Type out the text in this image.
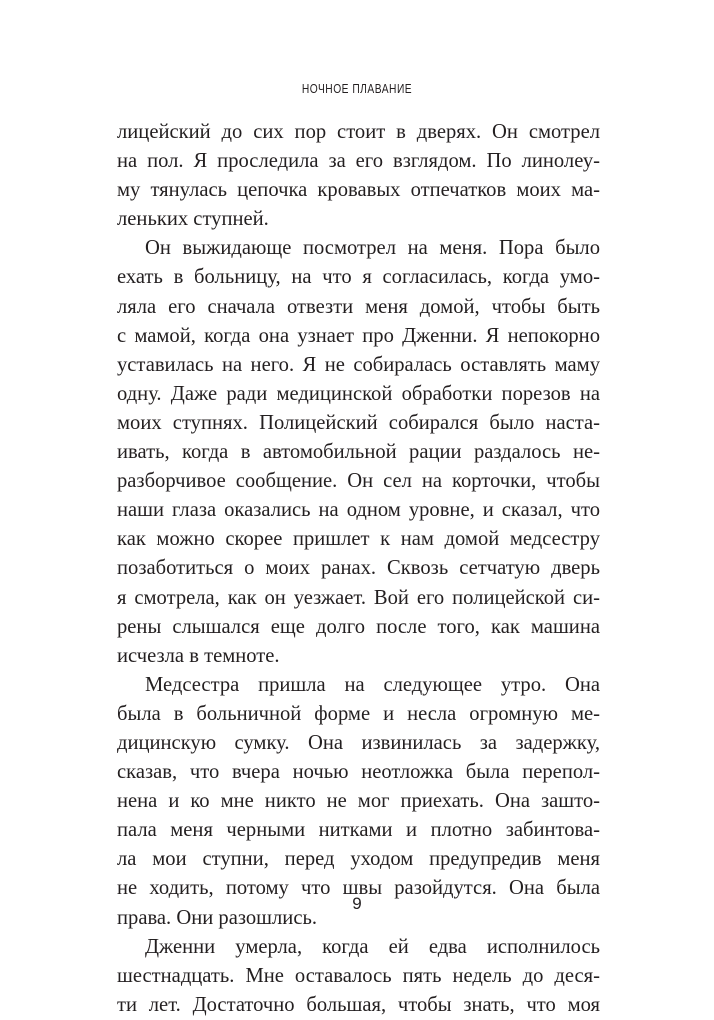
НОЧНОЕ ПЛАВАНИЕ
лицейский до сих пор стоит в дверях. Он смотрел
на пол. Я проследила за его взглядом. По линолеу-
му тянулась цепочка кровавых отпечатков моих ма-
леньких ступней.
Он выжидающе посмотрел на меня. Пора было
ехать в больницу, на что я согласилась, когда умо-
ляла его сначала отвезти меня домой, чтобы быть
с мамой, когда она узнает про Дженни. Я непокорно
уставилась на него. Я не собиралась оставлять маму
одну. Даже ради медицинской обработки порезов на
моих ступнях. Полицейский собирался было наста-
ивать, когда в автомобильной рации раздалось не-
разборчивое сообщение. Он сел на корточки, чтобы
наши глаза оказались на одном уровне, и сказал, что
как можно скорее пришлет к нам домой медсестру
позаботиться о моих ранах. Сквозь сетчатую дверь
я смотрела, как он уезжает. Вой его полицейской си-
рены слышался еще долго после того, как машина
исчезла в темноте.
Медсестра пришла на следующее утро. Она
была в больничной форме и несла огромную ме-
дицинскую сумку. Она извинилась за задержку,
сказав, что вчера ночью неотложка была перепол-
нена и ко мне никто не мог приехать. Она зашто-
пала меня черными нитками и плотно забинтова-
ла мои ступни, перед уходом предупредив меня
не ходить, потому что швы разойдутся. Она была
права. Они разошлись.
Дженни умерла, когда ей едва исполнилось
шестнадцать. Мне оставалось пять недель до деся-
ти лет. Достаточно большая, чтобы знать, что моя
9
